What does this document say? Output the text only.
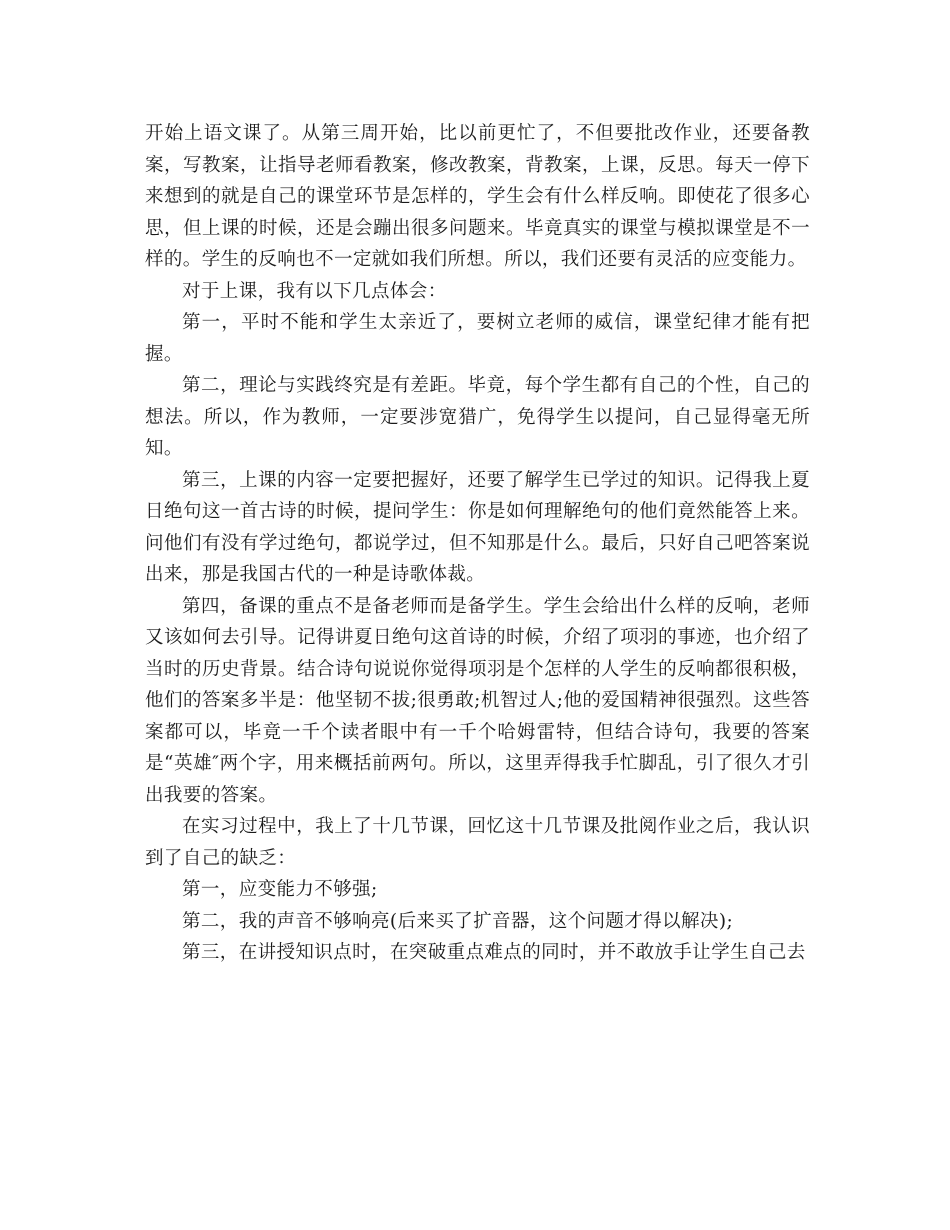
开始上语文课了。从第三周开始，比以前更忙了，不但要批改作业，还要备教案，写教案，让指导老师看教案，修改教案，背教案，上课，反思。每天一停下来想到的就是自己的课堂环节是怎样的，学生会有什么样反响。即使花了很多心思，但上课的时候，还是会蹦出很多问题来。毕竟真实的课堂与模拟课堂是不一样的。学生的反响也不一定就如我们所想。所以，我们还要有灵活的应变能力。

对于上课，我有以下几点体会：

第一，平时不能和学生太亲近了，要树立老师的威信，课堂纪律才能有把握。

第二，理论与实践终究是有差距。毕竟，每个学生都有自己的个性，自己的想法。所以，作为教师，一定要涉宽猎广，免得学生以提问，自己显得毫无所知。

第三，上课的内容一定要把握好，还要了解学生已学过的知识。记得我上夏日绝句这一首古诗的时候，提问学生：你是如何理解绝句的他们竟然能答上来。问他们有没有学过绝句，都说学过，但不知那是什么。最后，只好自己吧答案说出来，那是我国古代的一种是诗歌体裁。

第四，备课的重点不是备老师而是备学生。学生会给出什么样的反响，老师又该如何去引导。记得讲夏日绝句这首诗的时候，介绍了项羽的事迹，也介绍了当时的历史背景。结合诗句说说你觉得项羽是个怎样的人学生的反响都很积极，他们的答案多半是：他坚韧不拔;很勇敢;机智过人;他的爱国精神很强烈。这些答案都可以，毕竟一千个读者眼中有一千个哈姆雷特，但结合诗句，我要的答案是“英雄″两个字，用来概括前两句。所以，这里弄得我手忙脚乱，引了很久才引出我要的答案。

在实习过程中，我上了十几节课，回忆这十几节课及批阅作业之后，我认识到了自己的缺乏：

第一，应变能力不够强;

第二，我的声音不够响亮(后来买了扩音器，这个问题才得以解决);

第三，在讲授知识点时，在突破重点难点的同时，并不敢放手让学生自己去
